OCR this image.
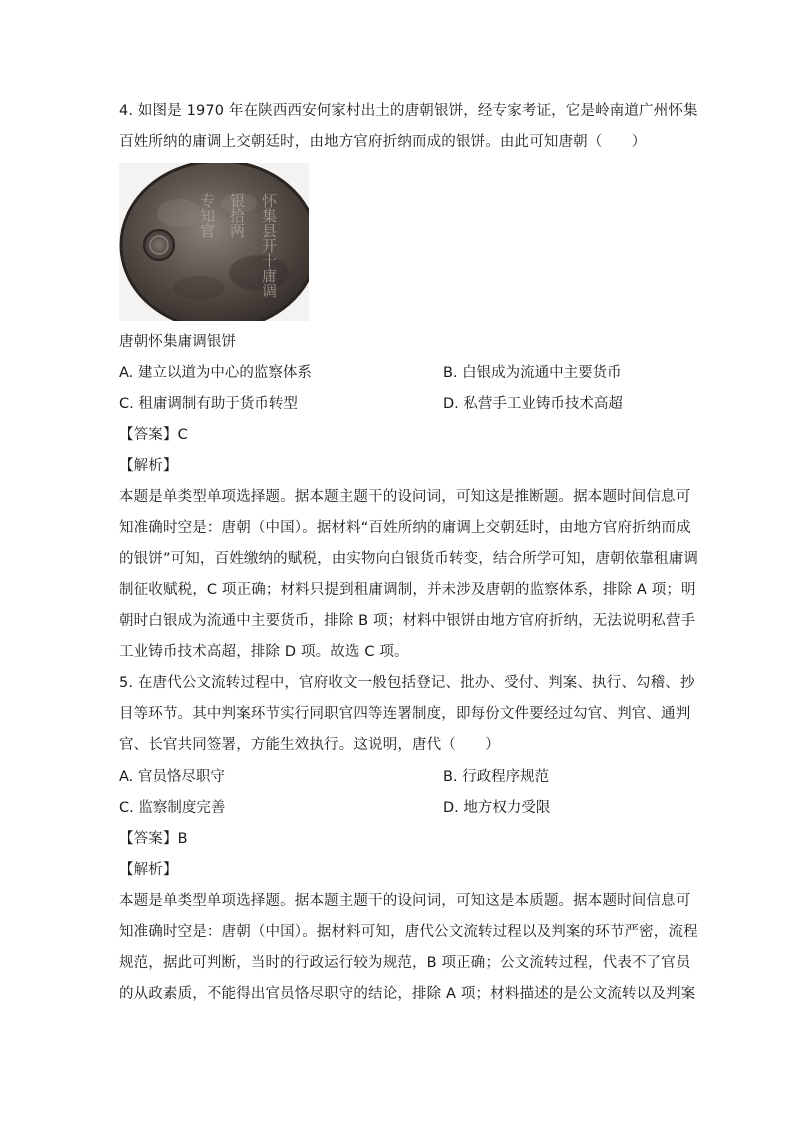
4. 如图是 1970 年在陕西西安何家村出土的唐朝银饼，经专家考证，它是岭南道广州怀集
百姓所纳的庸调上交朝廷时，由地方官府折纳而成的银饼。由此可知唐朝（　　）
怀集县开十庸调
银拾两
专知官
唐朝怀集庸调银饼
A. 建立以道为中心的监察体系	B. 白银成为流通中主要货币
C. 租庸调制有助于货币转型	D. 私营手工业铸币技术高超
【答案】C
【解析】
本题是单类型单项选择题。据本题主题干的设问词，可知这是推断题。据本题时间信息可
知准确时空是：唐朝（中国）。据材料“百姓所纳的庸调上交朝廷时，由地方官府折纳而成
的银饼”可知，百姓缴纳的赋税，由实物向白银货币转变，结合所学可知，唐朝依靠租庸调
制征收赋税，C 项正确；材料只提到租庸调制，并未涉及唐朝的监察体系，排除 A 项；明
朝时白银成为流通中主要货币，排除 B 项；材料中银饼由地方官府折纳，无法说明私营手
工业铸币技术高超，排除 D 项。故选 C 项。
5. 在唐代公文流转过程中，官府收文一般包括登记、批办、受付、判案、执行、勾稽、抄
目等环节。其中判案环节实行同职官四等连署制度，即每份文件要经过勾官、判官、通判
官、长官共同签署，方能生效执行。这说明，唐代（　　）
A. 官员恪尽职守	B. 行政程序规范
C. 监察制度完善	D. 地方权力受限
【答案】B
【解析】
本题是单类型单项选择题。据本题主题干的设问词，可知这是本质题。据本题时间信息可
知准确时空是：唐朝（中国）。据材料可知，唐代公文流转过程以及判案的环节严密，流程
规范，据此可判断，当时的行政运行较为规范，B 项正确；公文流转过程，代表不了官员
的从政素质，不能得出官员恪尽职守的结论，排除 A 项；材料描述的是公文流转以及判案
